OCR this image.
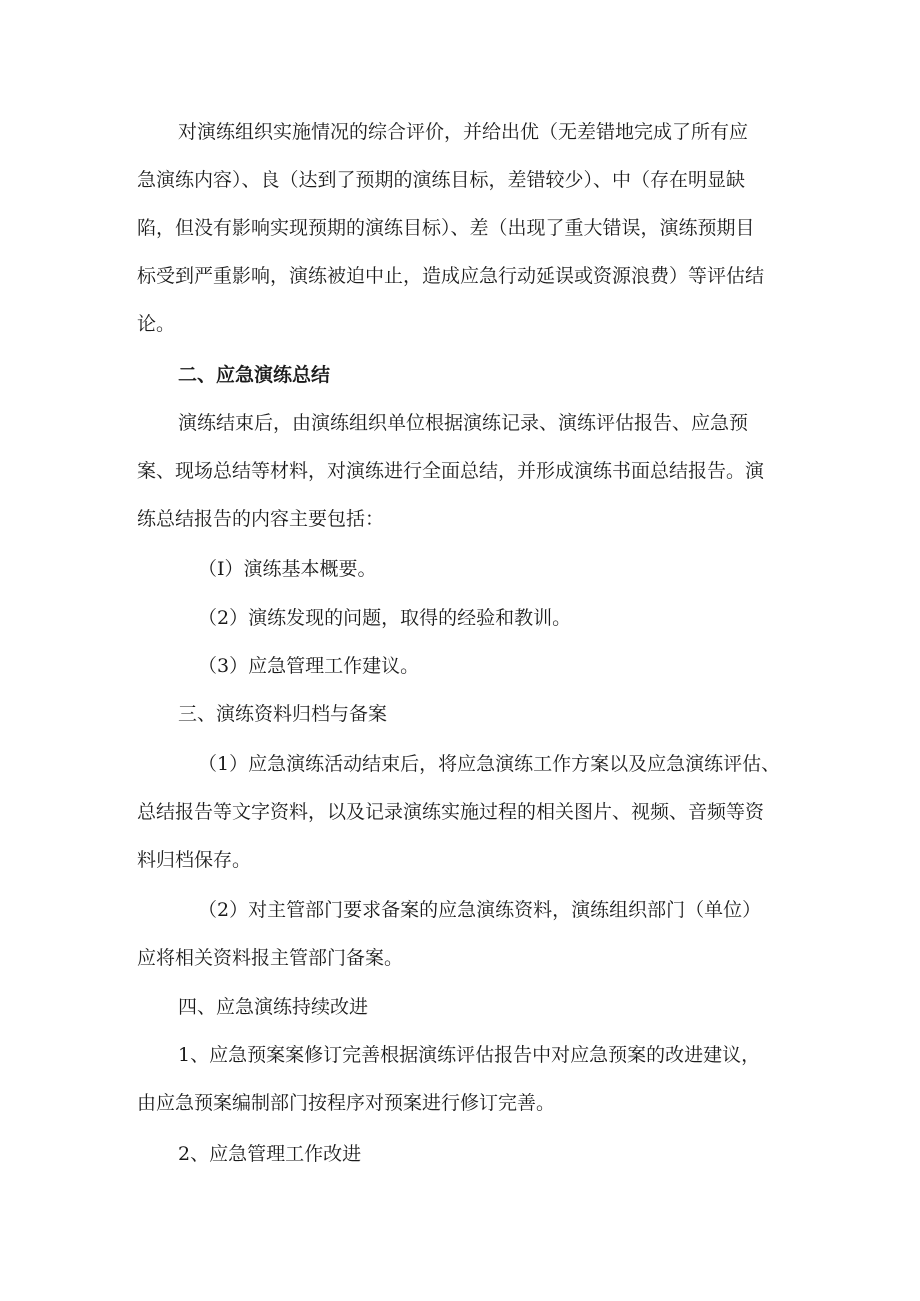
对演练组织实施情况的综合评价，并给出优（无差错地完成了所有应
急演练内容）、良（达到了预期的演练目标，差错较少）、中（存在明显缺
陷，但没有影响实现预期的演练目标）、差（出现了重大错误，演练预期目
标受到严重影响，演练被迫中止，造成应急行动延误或资源浪费）等评估结
论。
二、应急演练总结
演练结束后，由演练组织单位根据演练记录、演练评估报告、应急预
案、现场总结等材料，对演练进行全面总结，并形成演练书面总结报告。演
练总结报告的内容主要包括：
（I）演练基本概要。
（2）演练发现的问题，取得的经验和教训。
（3）应急管理工作建议。
三、演练资料归档与备案
（1）应急演练活动结束后，将应急演练工作方案以及应急演练评估、
总结报告等文字资料，以及记录演练实施过程的相关图片、视频、音频等资
料归档保存。
（2）对主管部门要求备案的应急演练资料，演练组织部门（单位）
应将相关资料报主管部门备案。
四、应急演练持续改进
1、应急预案案修订完善根据演练评估报告中对应急预案的改进建议，
由应急预案编制部门按程序对预案进行修订完善。
2、应急管理工作改进
